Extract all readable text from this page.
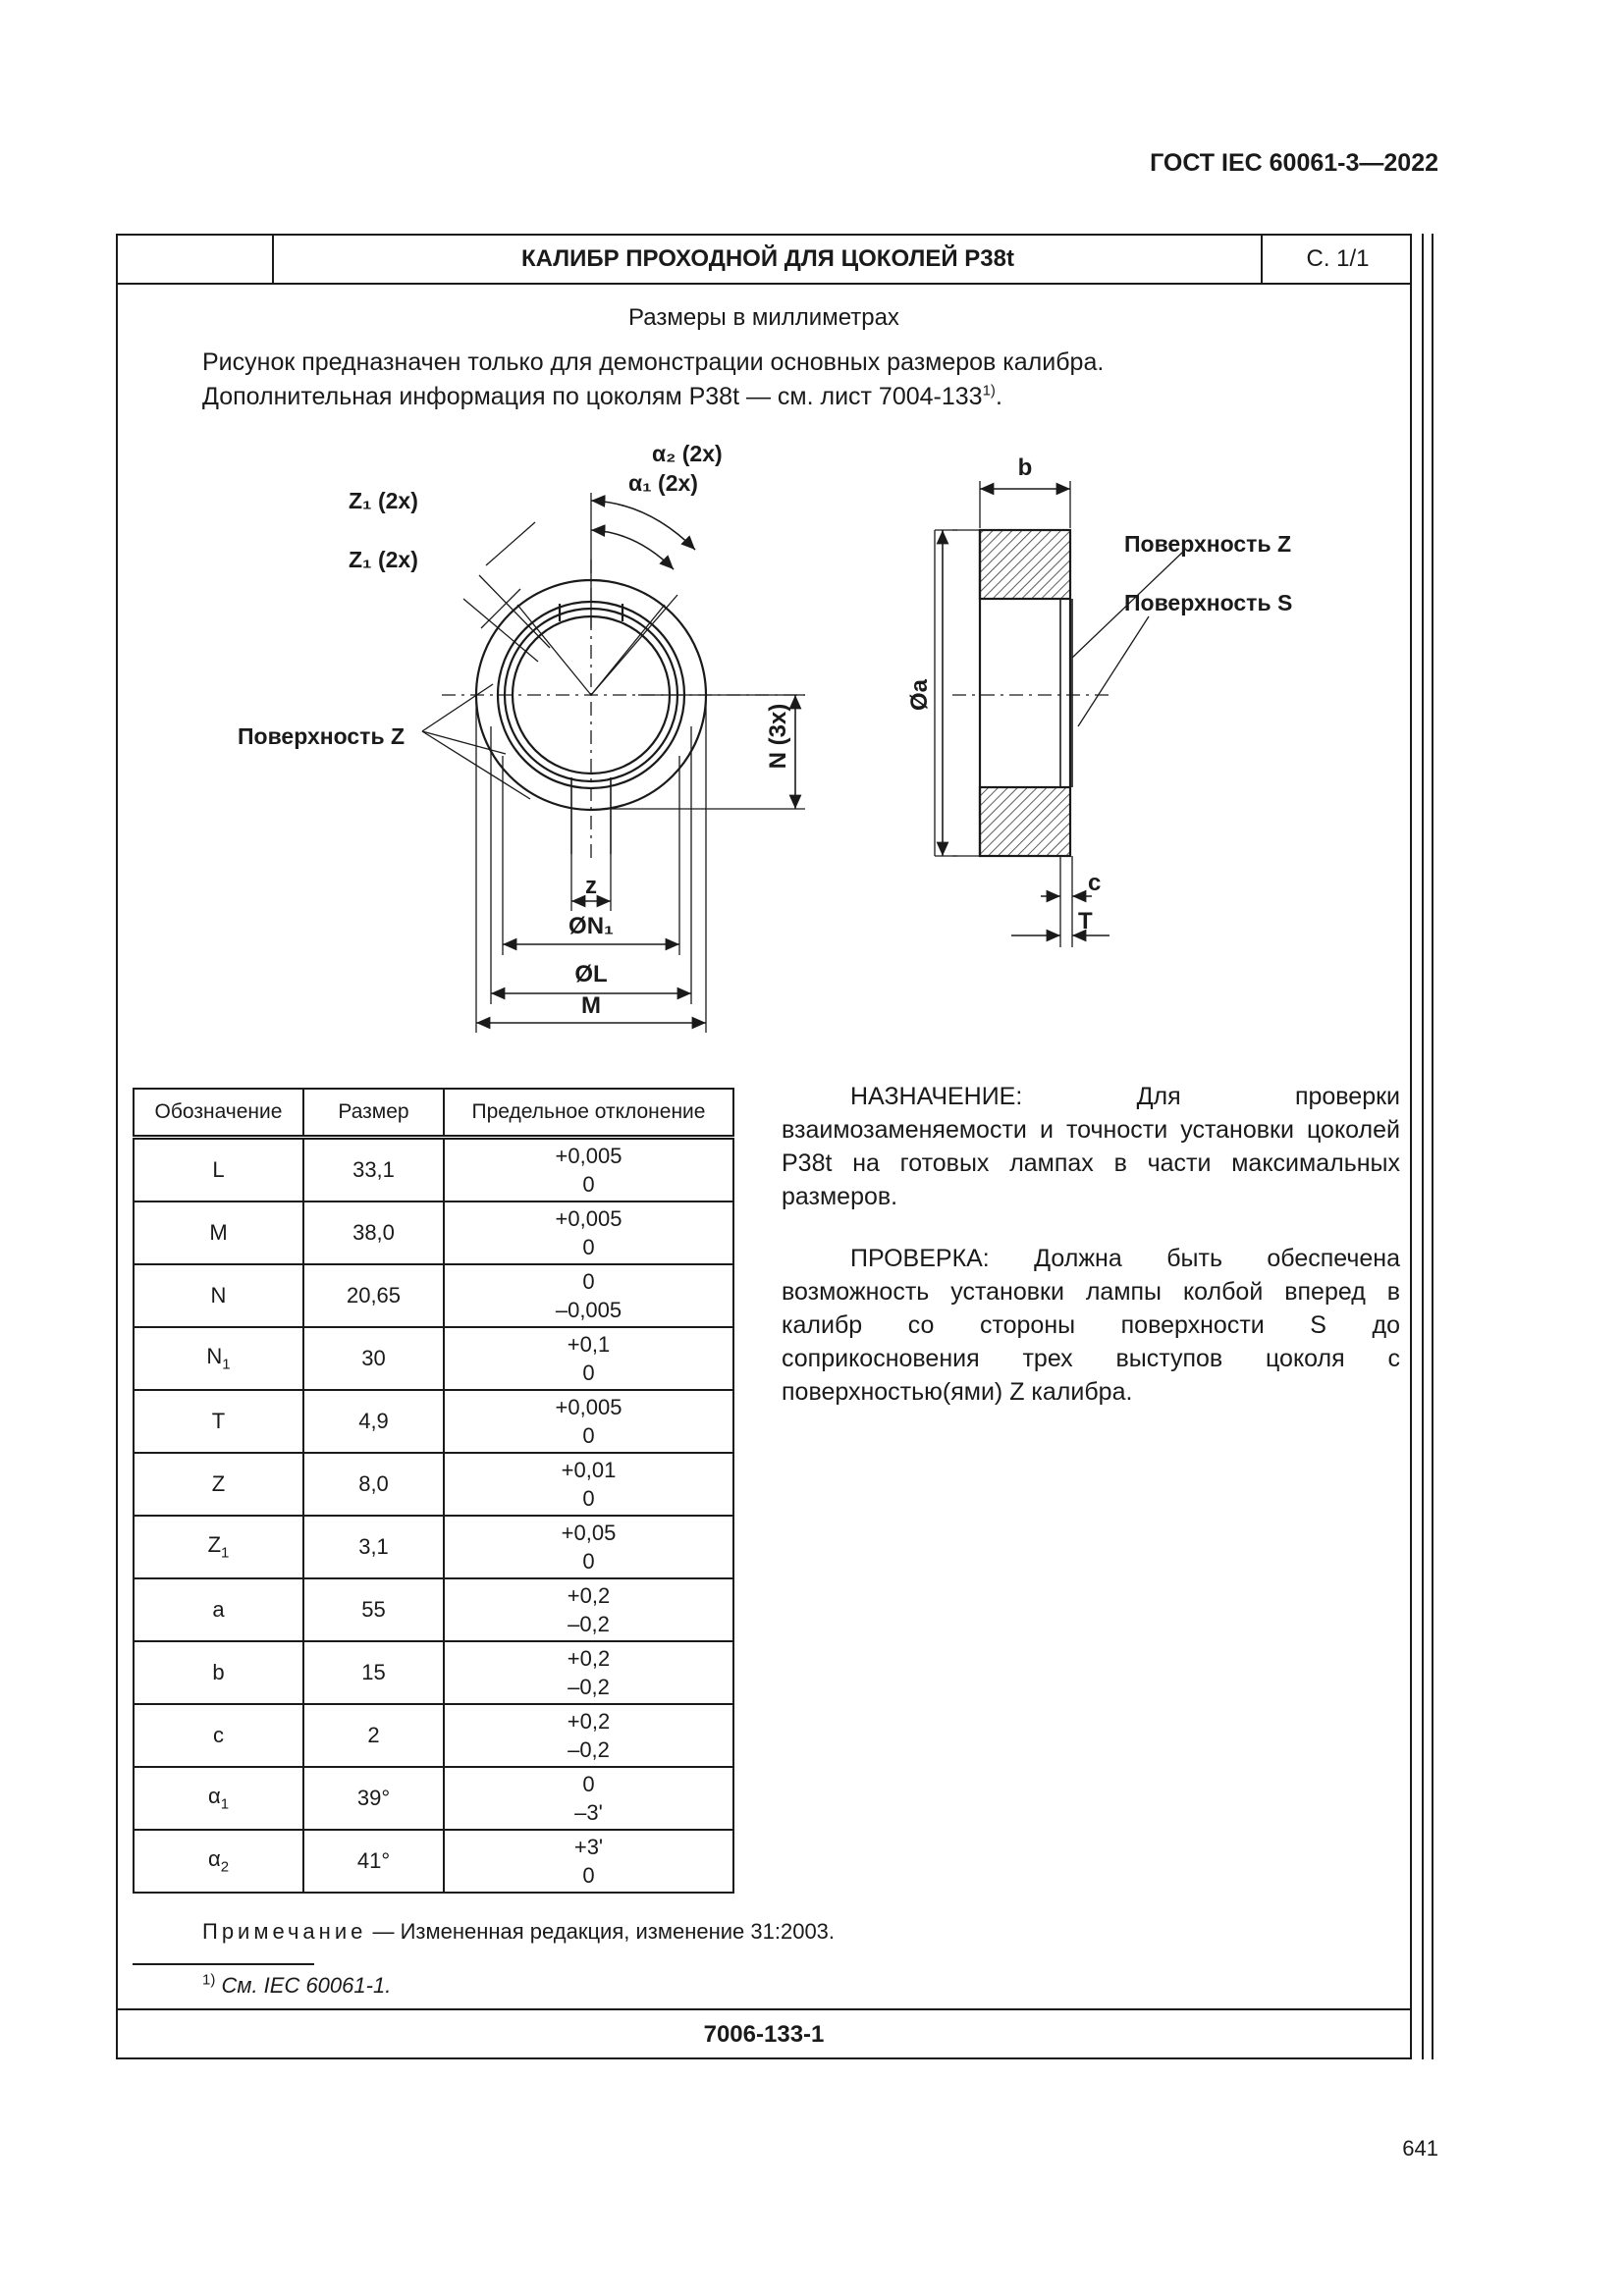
ГОСТ IEC 60061-3—2022
КАЛИБР ПРОХОДНОЙ ДЛЯ ЦОКОЛЕЙ P38t	С. 1/1
Размеры в миллиметрах
Рисунок предназначен только для демонстрации основных размеров калибра.
Дополнительная информация по цоколям P38t — см. лист 7004-133$^{1)}$.
α₂ (2x)
α₁ (2x)
Z₁ (2x)
Z₁ (2x)
Поверхность Z	N (3x)
z
ØN₁
ØL
M
b
Øa
Поверхность Z
Поверхность S
c
T
Обозначение	Размер	Предельное отклонение
L	33,1	+0,005
0

M	38,0	+0,005
0

N	20,65	0
–0,005

$N_1$	30	+0,1
0

T	4,9	+0,005
0

Z	8,0	+0,01
0

$Z_1$	3,1	+0,05
0

a	55	+0,2
–0,2

b	15	+0,2
–0,2

c	2	+0,2
–0,2

$\alpha_1$	39°	0
–3'

$\alpha_2$	41°	+3'
0

НАЗНАЧЕНИЕ: Для проверки взаимозаменяемости и точности установки цоколей P38t на готовых лампах в части максимальных размеров.

ПРОВЕРКА: Должна быть обеспечена возможность установки лампы колбой вперед в калибр со стороны поверхности S до соприкосновения трех выступов цоколя с поверхностью(ями) Z калибра.

Примечание — Измененная редакция, изменение 31:2003.
$^{1)}$ См. IEC 60061-1.
7006-133-1
641
